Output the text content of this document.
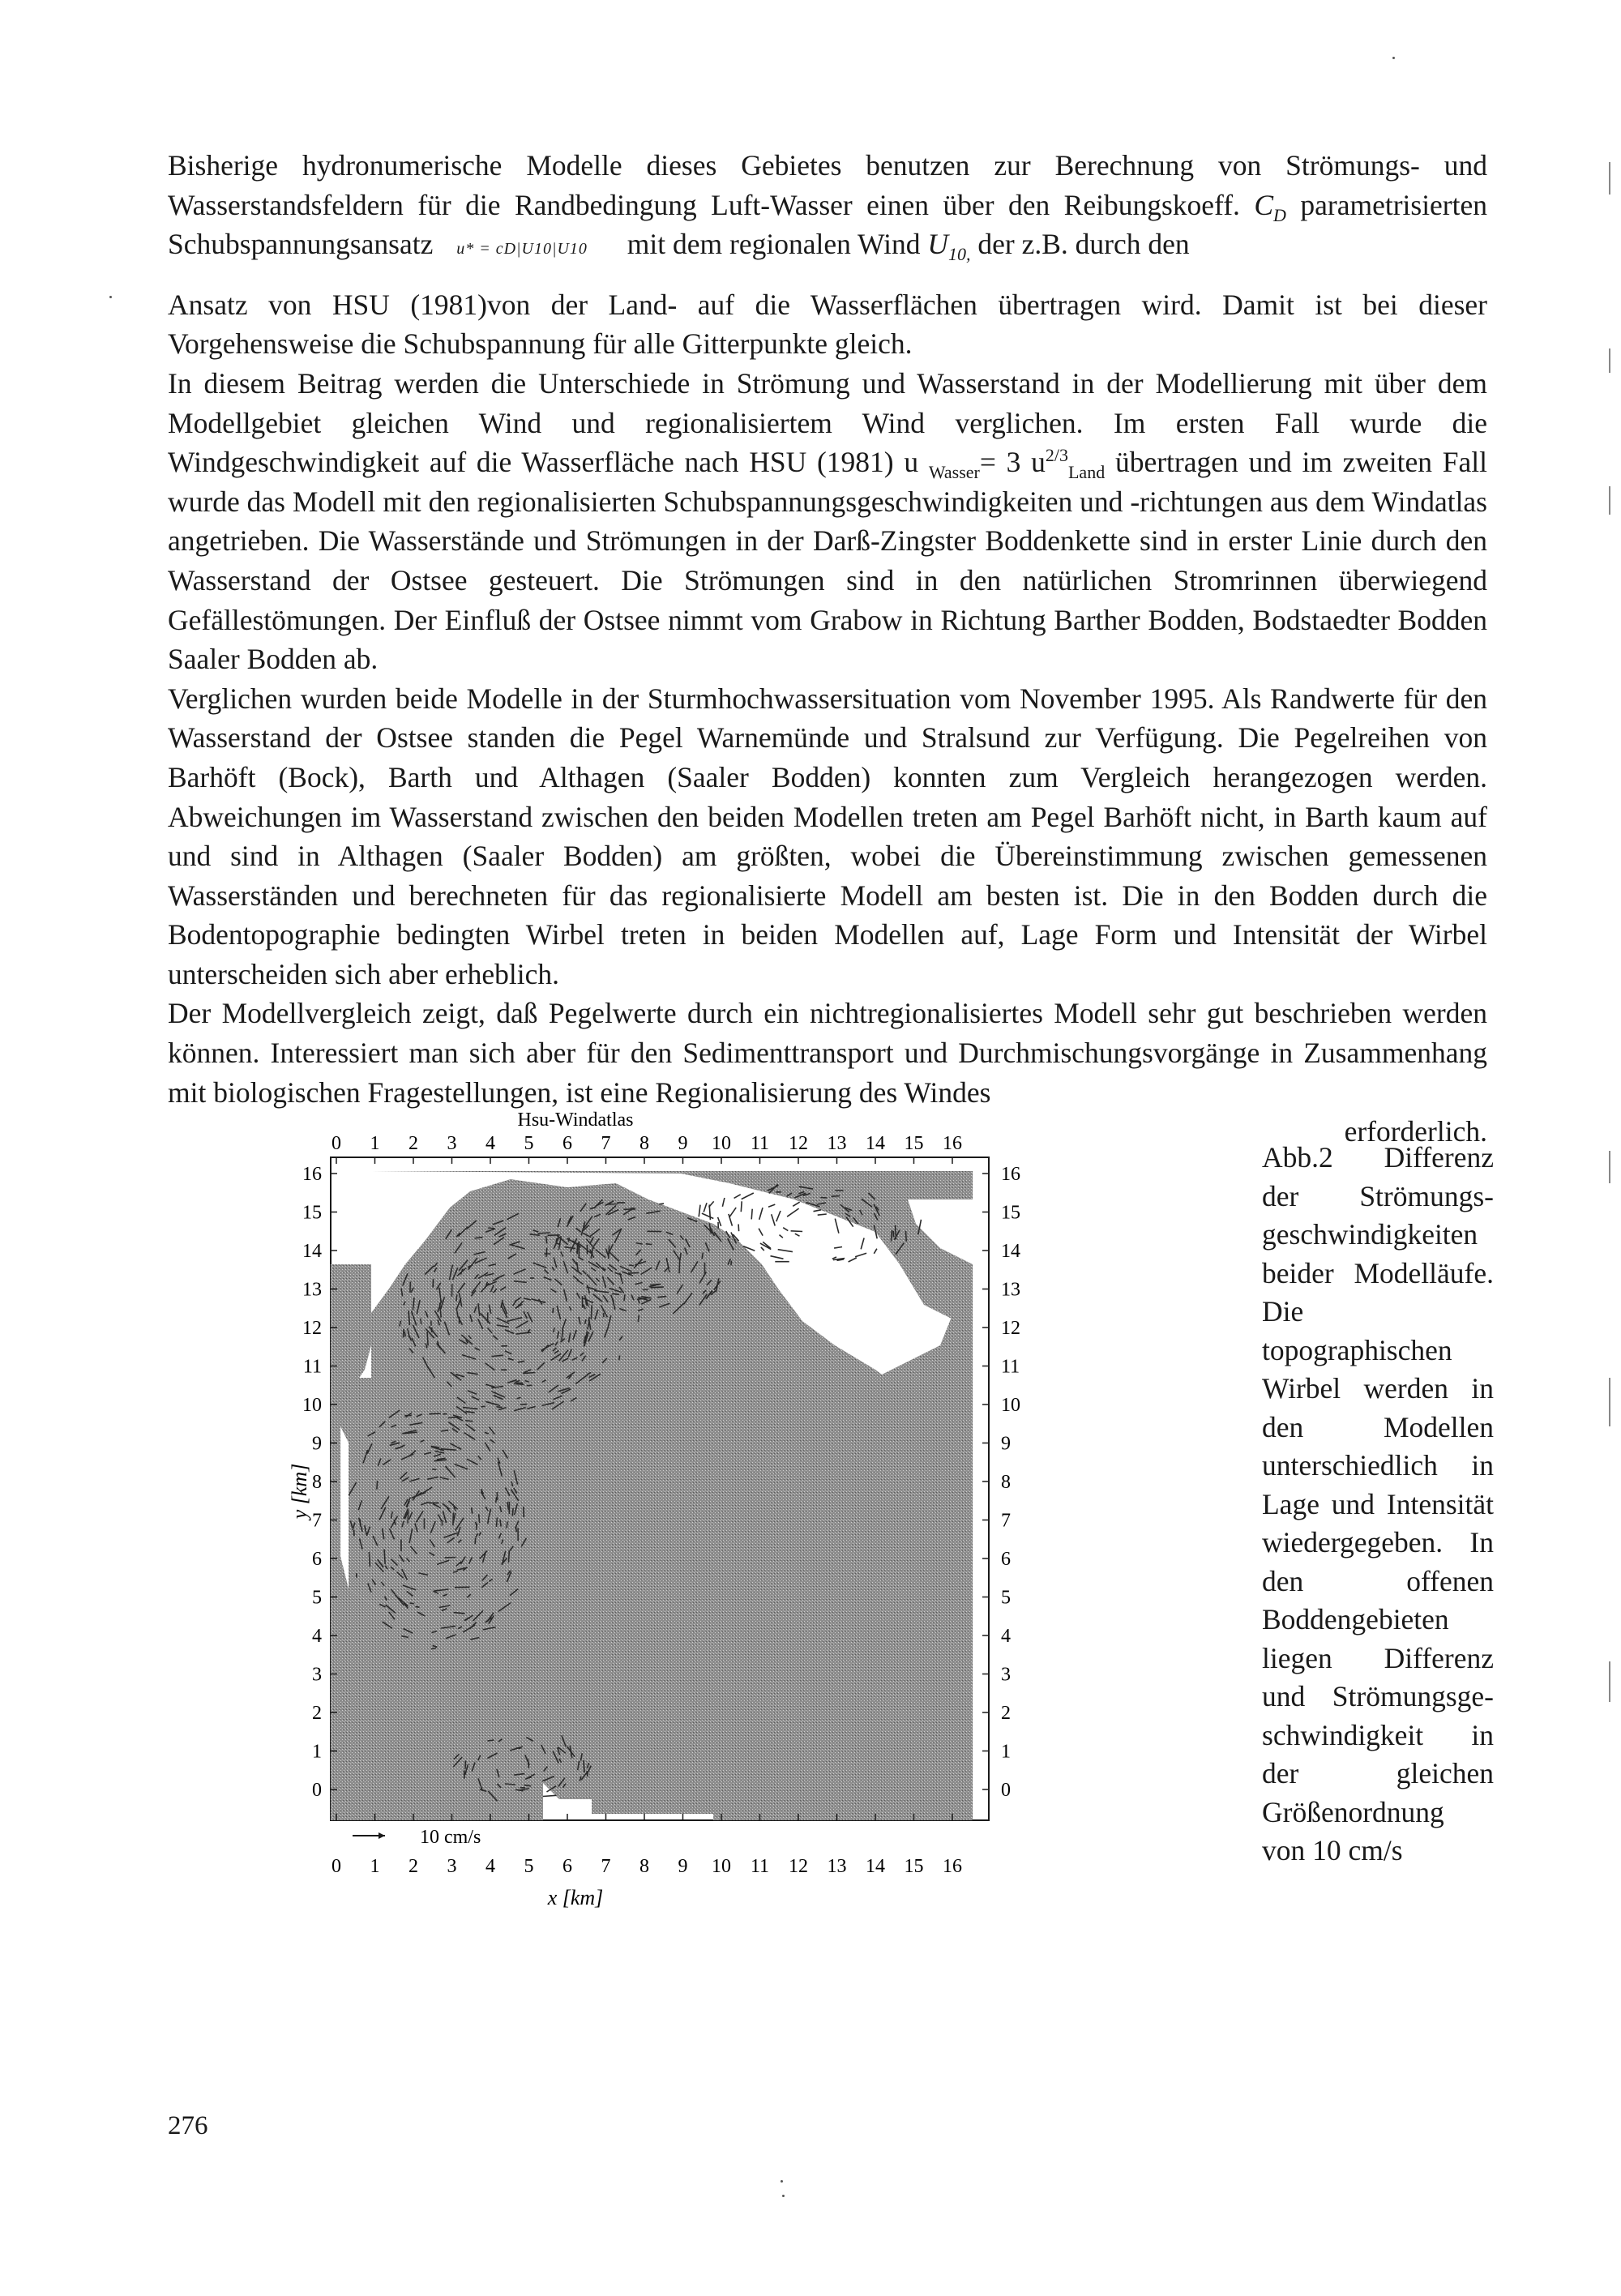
Bisherige hydronumerische Modelle dieses Gebietes benutzen zur Berechnung von Strömungs- und Wasserstandsfeldern für die Randbedingung Luft-Wasser einen über den Reibungskoeff. $C_D$ parametrisierten Schubspannungsansatz u* = cD|U10|U10 mit dem regionalen Wind $U_{10,}$ der z.B. durch den

Ansatz von HSU (1981)von der Land- auf die Wasserflächen übertragen wird. Damit ist bei dieser Vorgehensweise die Schubspannung für alle Gitterpunkte gleich.

In diesem Beitrag werden die Unterschiede in Strömung und Wasserstand in der Modellierung mit über dem Modellgebiet gleichen Wind und regionalisiertem Wind verglichen. Im ersten Fall wurde die Windgeschwindigkeit auf die Wasserfläche nach HSU (1981) u $_{Wasser}$= 3 $u^{2/3}_{Land}$ übertragen und im zweiten Fall wurde das Modell mit den regionalisierten Schubspannungsgeschwindigkeiten und -richtungen aus dem Windatlas angetrieben. Die Wasserstände und Strömungen in der Darß-Zingster Boddenkette sind in erster Linie durch den Wasserstand der Ostsee gesteuert. Die Strömungen sind in den natürlichen Stromrinnen überwiegend Gefällestömungen. Der Einfluß der Ostsee nimmt vom Grabow in Richtung Barther Bodden, Bodstaedter Bodden Saaler Bodden ab.

Verglichen wurden beide Modelle in der Sturmhochwassersituation vom November 1995. Als Randwerte für den Wasserstand der Ostsee standen die Pegel Warnemünde und Stralsund zur Verfügung. Die Pegelreihen von Barhöft (Bock), Barth und Althagen (Saaler Bodden) konnten zum Vergleich herangezogen werden. Abweichungen im Wasserstand zwischen den beiden Modellen treten am Pegel Barhöft nicht, in Barth kaum auf und sind in Althagen (Saaler Bodden) am größten, wobei die Übereinstimmung zwischen gemessenen Wasserständen und berechneten für das regionalisierte Modell am besten ist. Die in den Bodden durch die Bodentopographie bedingten Wirbel treten in beiden Modellen auf, Lage Form und Intensität der Wirbel unterscheiden sich aber erheblich.

Der Modellvergleich zeigt, daß Pegelwerte durch ein nichtregionalisiertes Modell sehr gut beschrieben werden können. Interessiert man sich aber für den Sedimenttransport und Durchmischungsvorgänge in Zusammenhang mit biologischen Fragestellungen, ist eine Regionalisierung des Windes

erforderlich.

Hsu-Windatlas
0 1 2 3 4 5 6 7 8 9 10 11 12 13 14 15 16
0
1
2
3
4
5
6
7
8
9
10
11
12
13
14
15
16
0
1
2
3
4
5
6
7
8
9
10
11
12
13
14
15
16
10 cm/s
0 1 2 3 4 5 6 7 8 9 10 11 12 13 14 15 16
x [km]
y [km]
Abb.2 Differenz der Strömungsgeschwindigkeiten beider Modelläufe. Die topographischen Wirbel werden in den Modellen unterschiedlich in Lage und Intensität wiedergegeben. In den offenen Boddengebieten liegen Differenz und Strömungsgeschwindigkeit in der gleichen Größenordnung von 10 cm/s
276
